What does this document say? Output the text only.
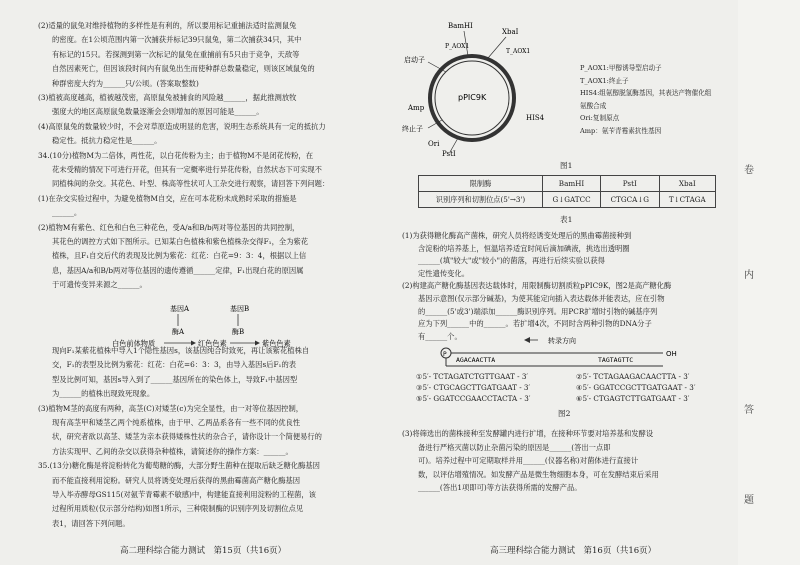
(2)适量的鼠兔对维持植物的多样性是有利的，所以要用标记重捕法适时监测鼠兔
的密度。在1公顷范围内第一次捕获并标记39只鼠兔，第二次捕获34只，其中
有标记的15只。若探测到第一次标记的鼠兔在重捕前有5只由于竞争，天敌等
自然因素死亡，但因该段时间内有鼠兔出生而使种群总数量稳定，则该区域鼠兔的
种群密度大约为______只/公顷。(答案取整数)
(3)植被高度越高，植被越茂密，高原鼠兔被捕食的风险越______，据此推测放牧
强度大的地区高原鼠兔数量逐渐会会则增加的原因可能是______。
(4)高原鼠兔的数量较少时，不会对草原造成明显的危害，说明生态系统具有一定的抵抗力
稳定性。抵抗力稳定性是______。
34.(10分)植物M为二倍体，两性花，以白花传粉为主；由于植物M不是闭花传粉，在
花未受精的情况下可进行开花，但其有一定概率进行异花传粉，自然状态下可实现不
同植株间的杂交。其花色、叶型、株高等性状可人工杂交进行观察，请回答下列问题：
(1)在杂交实验过程中，为避免植物M自交，应在可本花粉未成熟时采取的措施是
______。
(2)植物M有紫色、红色和白色三种花色，受A/a和B/b两对等位基因的共同控制，
其花色的调控方式如下图所示。已知某白色植株和紫色植株杂交得F₁，全为紫花
植株，且F₁自交后代的表现及比例为紫花：红花：白花=9：3：4，根据以上信
息，基因A/a和B/b两对等位基因的遗传遵循______定律，F₁出现白花的原因属
于可遗传变异来源之______。
现向F₁某紫花植株中导入1个隐性基因s，该基因纯合时致死，再让该紫花植株自
交，F₁的表型及比例为紫花：红花：白花=6：3：3，由导入基因s后F₁的表
型及比例可知，基因s导入到了______基因所在的染色体上，导致F₁中基因型
为______的植株出现致死现象。
(3)植物M茎的高度有两种，高茎(C)对矮茎(c)为完全显性，由一对等位基因控制，
现有高茎甲和矮茎乙两个纯系植株，由于甲、乙两品系各有一些不同的优良性
状，研究者欲以高茎、矮茎为亲本获得矮株性状的杂合子，请你设计一个简便易行的
方法实现甲、乙间的杂交以获得杂种植株，请简述你的操作方案：______。
35.(13分)糖化酶是将淀粉转化为葡萄糖的酶，大部分野生菌种在提取后缺乏糖化酶基因
而不能直接利用淀粉。研究人员将诱变处理后获得的黑曲霉菌高产糖化酶基因
导入毕赤酵母GS115(对氨苄青霉素不敏感)中，构建能直接利用淀粉的工程菌，该
过程所用质粒(仅示部分结构)如图1所示，三种限制酶的识别序列及切割位点见
表1，请回答下列问题。
pPIC9K
BamHⅠ
XbaⅠ
P_AOX1
T_AOX1
启动子
HIS4
Amp
终止子
Ori
PstⅠ
P_AOX1:甲醇诱导型启动子
T_AOX1:终止子
HIS4:组氨醇脱氢酶基因，其表达产物催化组
氨酸合成
Ori:复制原点
Amp：氨苄青霉素抗性基因
图1
限制酶	BamHⅠ	PstⅠ	XbaⅠ
识别序列和切割位点(5'→3')	G↓GATCC	CTGCA↓G	T↓CTAGA
表1
(1)为获得糖化酶高产菌株，研究人员将经诱变处理后的黑曲霉菌接种到
含淀粉的培养基上，恒温培养适宜时间后滴加碘液，挑选出透明圈
______(填"较大"或"较小")的菌落，再进行后续实验以获得
定性遗传变化。
(2)构建高产糖化酶基因表达载体时，用限制酶切割质粒pPIC9K，图2是高产糖化酶
基因示意图(仅示部分碱基)，为使其能定向插入表达载体并能表达，应在引物
的______(5'或3')端添加______酶识别序列。用PCR扩增时引物的碱基序列
应为下列______中的______。若扩增4次，不同时含两种引物的DNA分子
有______个。
转录方向
P	OH
AGACAACTTA	TAGTAGTTC
①5′- TCTAGATCTGTTGAAT - 3′	②5′- TCTAGAAGACAACTTA - 3′
③5′- CTGCAGCTTGATGAAT - 3′	④5′- GGATCCGCTTGATGAAT - 3′
⑤5′- GGATCCGAACCTACTA - 3′	⑥5′- CTGAGTCTTGATGAAT - 3′
图2
(3)将筛选出的菌株接种至发酵罐内进行扩增，在接种环节要对培养基和发酵设
备进行严格灭菌以防止杂菌污染的原因是______(答出一点即
可)。培养过程中可定期取样并用______(仪器名称)对菌体进行直接计
数，以评估增殖情况。如发酵产品是微生物细胞本身，可在发酵结束后采用
______(答出1项即可)等方法获得所需的发酵产品。
高三理科综合能力测试　第16页（共16页）
卷
内
答
题
基因A	基因B
酶A	酶B
白色前体物质	红色色素	紫色色素
高二理科综合能力测试　第15页（共16页）
